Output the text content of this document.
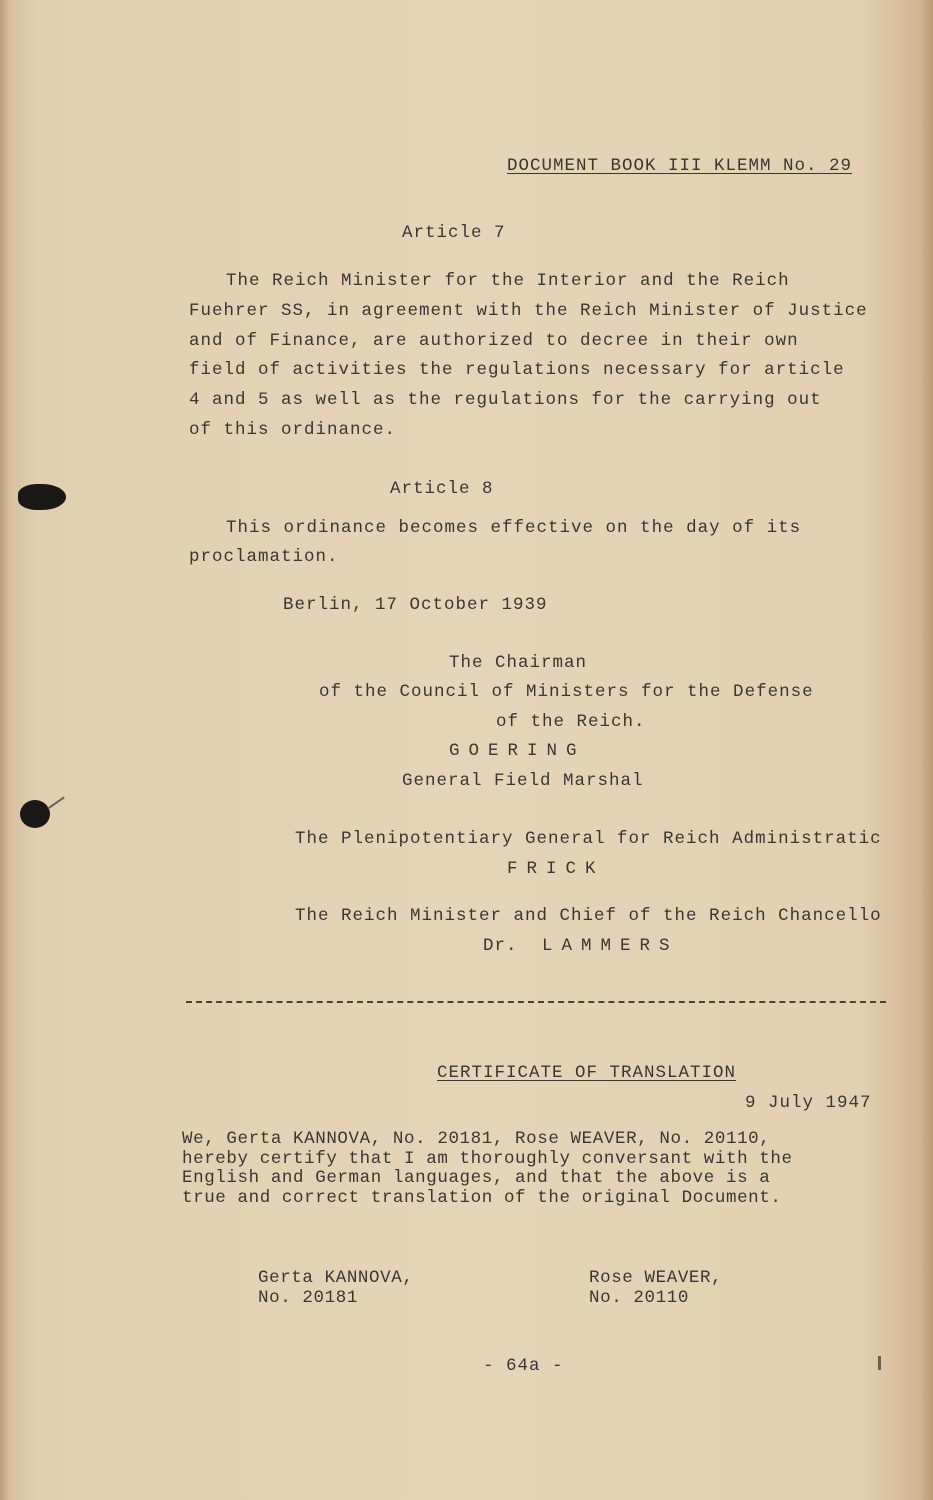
DOCUMENT BOOK III KLEMM No. 29
Article 7
The Reich Minister for the Interior and the Reich
Fuehrer SS, in agreement with the Reich Minister of Justice
and of Finance, are authorized to decree in their own
field of activities the regulations necessary for article
4 and 5 as well as the regulations for the carrying out
of this ordinance.
Article 8
This ordinance becomes effective on the day of its
proclamation.
Berlin, 17 October 1939
The Chairman
of the Council of Ministers for the Defense
of the Reich.
GOERING
General Field Marshal
The Plenipotentiary General for Reich Administratic
FRICK
The Reich Minister and Chief of the Reich Chancello
Dr. LAMMERS
CERTIFICATE OF TRANSLATION
9 July 1947
We, Gerta KANNOVA, No. 20181, Rose WEAVER, No. 20110,
hereby certify that I am thoroughly conversant with the
English and German languages, and that the above is a
true and correct translation of the original Document.
Gerta KANNOVA,
No. 20181
Rose WEAVER,
No. 20110
- 64a -
